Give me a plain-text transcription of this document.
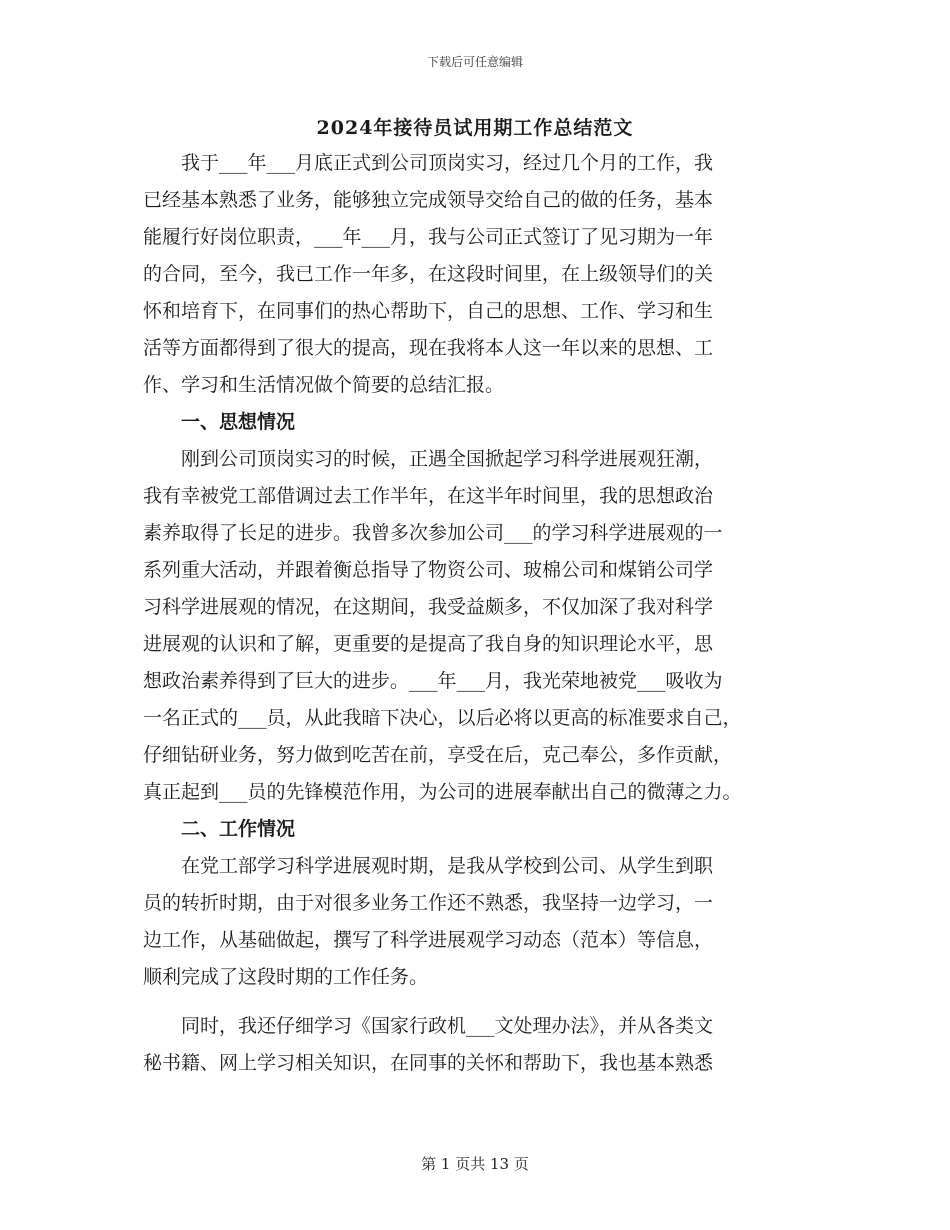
下载后可任意编辑
2024年接待员试用期工作总结范文
　　我于___年___月底正式到公司顶岗实习，经过几个月的工作，我
已经基本熟悉了业务，能够独立完成领导交给自己的做的任务，基本
能履行好岗位职责，___年___月，我与公司正式签订了见习期为一年
的合同，至今，我已工作一年多，在这段时间里，在上级领导们的关
怀和培育下，在同事们的热心帮助下，自己的思想、工作、学习和生
活等方面都得到了很大的提高，现在我将本人这一年以来的思想、工
作、学习和生活情况做个简要的总结汇报。
　　一、思想情况
　　刚到公司顶岗实习的时候，正遇全国掀起学习科学进展观狂潮，
我有幸被党工部借调过去工作半年，在这半年时间里，我的思想政治
素养取得了长足的进步。我曾多次参加公司___的学习科学进展观的一
系列重大活动，并跟着衡总指导了物资公司、玻棉公司和煤销公司学
习科学进展观的情况，在这期间，我受益颇多，不仅加深了我对科学
进展观的认识和了解，更重要的是提高了我自身的知识理论水平，思
想政治素养得到了巨大的进步。___年___月，我光荣地被党___吸收为
一名正式的___员，从此我暗下决心，以后必将以更高的标准要求自己，
仔细钻研业务，努力做到吃苦在前，享受在后，克己奉公，多作贡献，
真正起到___员的先锋模范作用，为公司的进展奉献出自己的微薄之力。
　　二、工作情况
　　在党工部学习科学进展观时期，是我从学校到公司、从学生到职
员的转折时期，由于对很多业务工作还不熟悉，我坚持一边学习，一
边工作，从基础做起，撰写了科学进展观学习动态（范本）等信息，
顺利完成了这段时期的工作任务。
　　同时，我还仔细学习《国家行政机___文处理办法》，并从各类文
秘书籍、网上学习相关知识，在同事的关怀和帮助下，我也基本熟悉
第 1 页共 13 页
